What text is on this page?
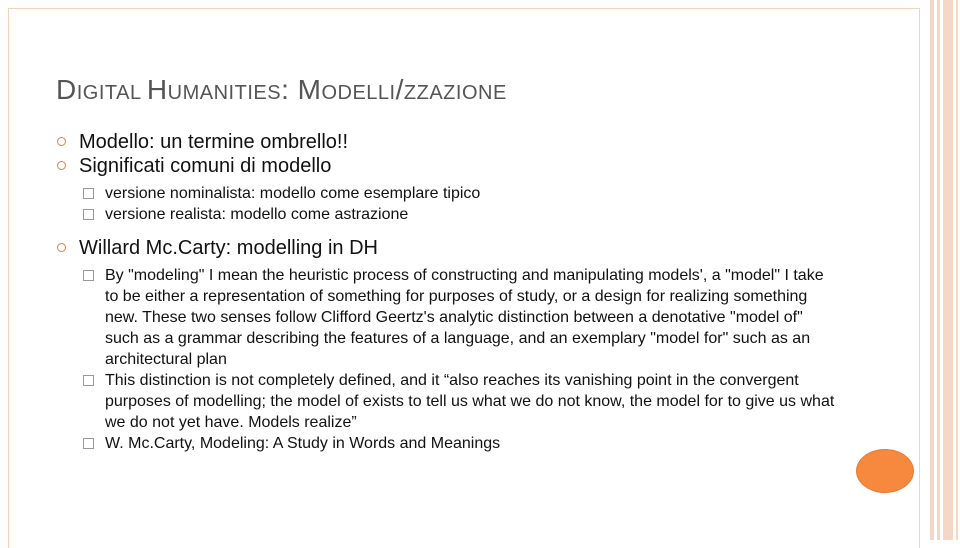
DIGITAL HUMANITIES: MODELLI/ZZAZIONE
Modello: un termine ombrello!!
Significati comuni di modello
versione nominalista: modello come esemplare tipico
versione realista: modello come astrazione
Willard Mc.Carty: modelling in DH
By "modeling" I mean the heuristic process of constructing and manipulating models', a "model" I take to be either a representation of something for purposes of study, or a design for realizing something new. These two senses follow Clifford Geertz's analytic distinction between a denotative "model of" such as a grammar describing the features of a language, and an exemplary "model for" such as an architectural plan
This distinction is not completely defined, and it “also reaches its vanishing point in the convergent purposes of modelling; the model of exists to tell us what we do not know, the model for to give us what we do not yet have. Models realize”
W. Mc.Carty, Modeling: A Study in Words and Meanings
